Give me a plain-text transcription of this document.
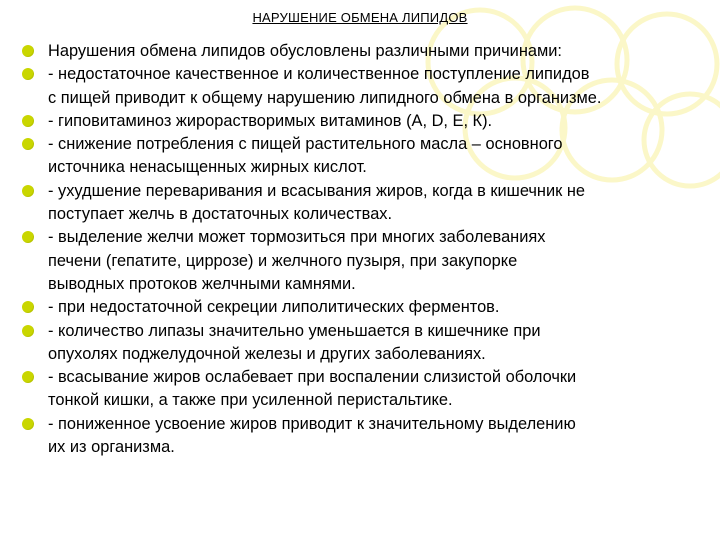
НАРУШЕНИЕ ОБМЕНА ЛИПИДОВ
Нарушения обмена липидов обусловлены различными причинами:
- недостаточное качественное и количественное поступление липидов
с пищей приводит к общему нарушению липидного обмена в организме.
- гиповитаминоз жирорастворимых витаминов (А, D, Е, К).
- снижение потребления с пищей растительного масла – основного
источника ненасыщенных жирных кислот.
- ухудшение переваривания и всасывания жиров, когда в кишечник не
поступает желчь в достаточных количествах.
- выделение желчи может тормозиться при многих заболеваниях
печени (гепатите, циррозе) и желчного пузыря, при закупорке
выводных протоков желчными камнями.
- при недостаточной секреции липолитических ферментов.
- количество липазы значительно уменьшается в кишечнике при
опухолях поджелудочной железы и других заболеваниях.
- всасывание жиров ослабевает при воспалении слизистой оболочки
тонкой кишки, а также при усиленной перистальтике.
- пониженное усвоение жиров приводит к значительному выделению
их из организма.
